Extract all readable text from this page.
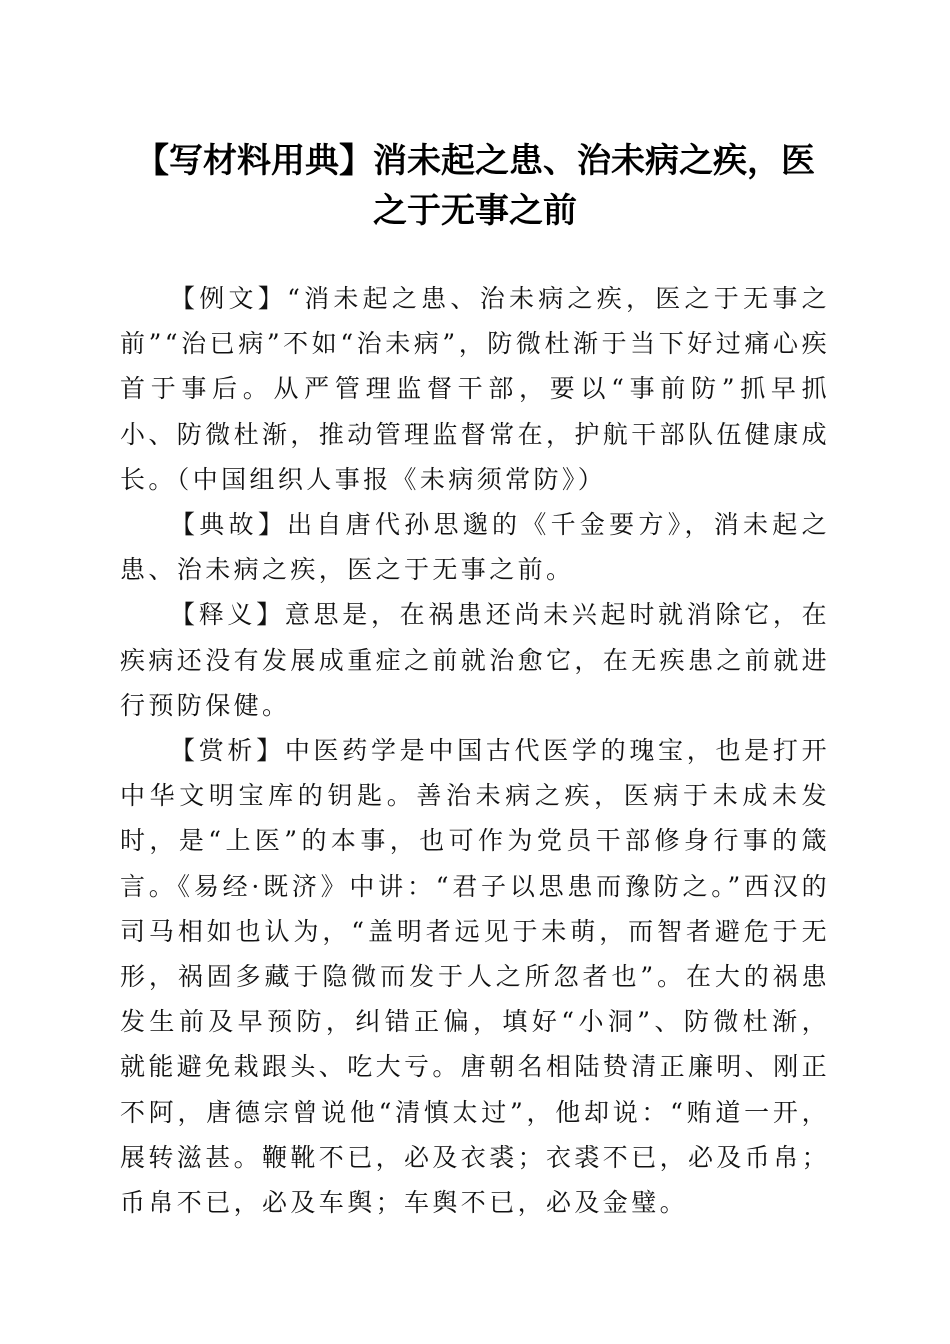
【写材料用典】消未起之患、治未病之疾，医
之于无事之前

【例文】“消未起之患、治未病之疾，医之于无事之前”“治已病”不如“治未病”，防微杜渐于当下好过痛心疾首于事后。从严管理监督干部，要以“事前防”抓早抓小、防微杜渐，推动管理监督常在，护航干部队伍健康成长。（中国组织人事报《未病须常防》）

【典故】出自唐代孙思邈的《千金要方》，消未起之患、治未病之疾，医之于无事之前。

【释义】意思是，在祸患还尚未兴起时就消除它，在疾病还没有发展成重症之前就治愈它，在无疾患之前就进行预防保健。

【赏析】中医药学是中国古代医学的瑰宝，也是打开中华文明宝库的钥匙。善治未病之疾，医病于未成未发时，是“上医”的本事，也可作为党员干部修身行事的箴言。《易经·既济》中讲：“君子以思患而豫防之。”西汉的司马相如也认为，“盖明者远见于未萌，而智者避危于无形，祸固多藏于隐微而发于人之所忽者也”。在大的祸患发生前及早预防，纠错正偏，填好“小洞”、防微杜渐，就能避免栽跟头、吃大亏。唐朝名相陆贽清正廉明、刚正不阿，唐德宗曾说他“清慎太过”，他却说：“贿道一开，展转滋甚。鞭靴不已，必及衣裘；衣裘不已，必及币帛；币帛不已，必及车舆；车舆不已，必及金璧。
